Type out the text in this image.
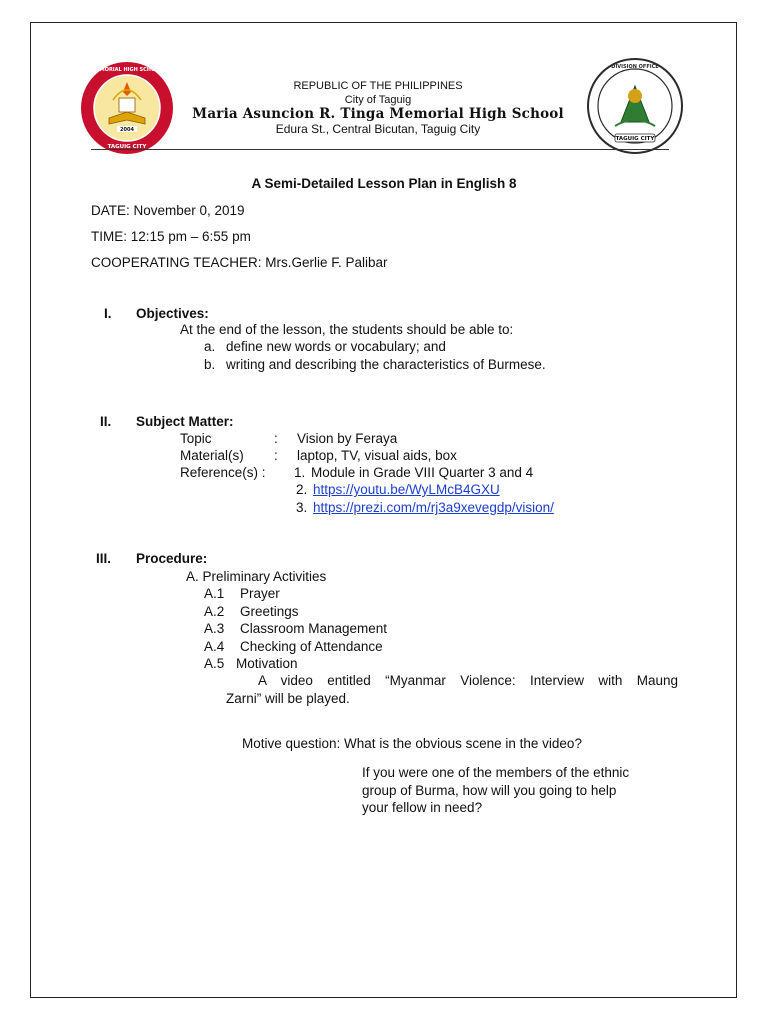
2004
TAGUIG CITY
MEMORIAL HIGH SCHOOL
TAGUIG CITY
DIVISION OFFICE
REPUBLIC OF THE PHILIPPINES
City of Taguig
Maria Asuncion R. Tinga Memorial High School
Edura St., Central Bicutan, Taguig City
A Semi-Detailed Lesson Plan in English 8
DATE: November 0, 2019
TIME: 12:15 pm – 6:55 pm
COOPERATING TEACHER: Mrs.Gerlie F. Palibar
I. Objectives:
At the end of the lesson, the students should be able to:
a. define new words or vocabulary; and
b. writing and describing the characteristics of Burmese.
II. Subject Matter:
Topic	: Vision by Feraya
Material(s) : laptop, TV, visual aids, box
Reference(s) : 1. Module in Grade VIII Quarter 3 and 4
2. https://youtu.be/WyLMcB4GXU
3. https://prezi.com/m/rj3a9xevegdp/vision/
III. Procedure:
A. Preliminary Activities
A.1 Prayer
A.2 Greetings
A.3 Classroom Management
A.4 Checking of Attendance
A.5 Motivation
A video entitled “Myanmar Violence: Interview with Maung
Zarni” will be played.
Motive question: What is the obvious scene in the video?
If you were one of the members of the ethnic
group of Burma, how will you going to help
your fellow in need?
